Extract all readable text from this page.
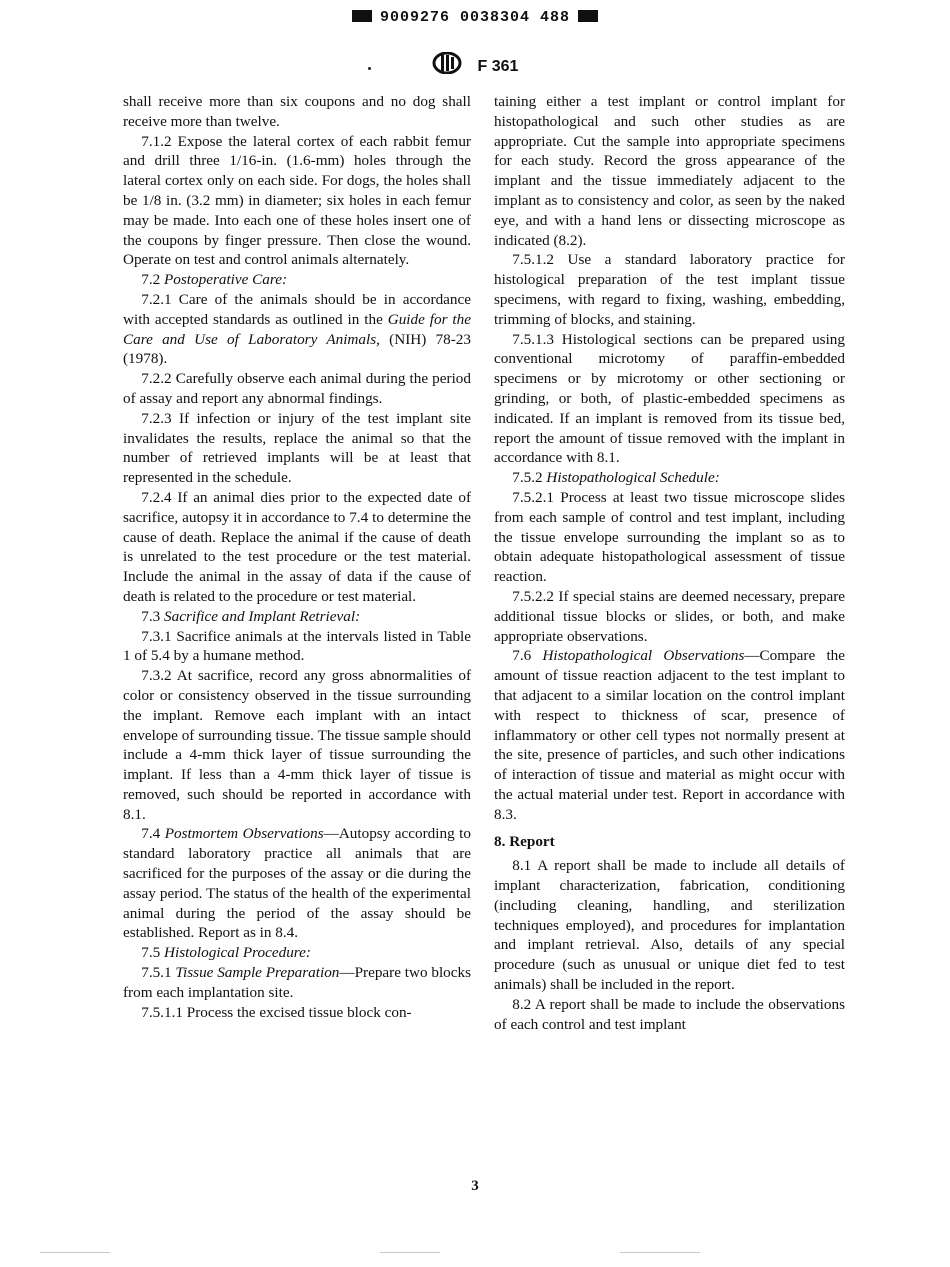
9009276 0038304 488
F 361

shall receive more than six coupons and no dog shall receive more than twelve.

7.1.2 Expose the lateral cortex of each rabbit femur and drill three 1/16-in. (1.6-mm) holes through the lateral cortex only on each side. For dogs, the holes shall be 1/8 in. (3.2 mm) in diameter; six holes in each femur may be made. Into each one of these holes insert one of the coupons by finger pressure. Then close the wound. Operate on test and control animals alternately.

7.2 Postoperative Care:

7.2.1 Care of the animals should be in accordance with accepted standards as outlined in the Guide for the Care and Use of Laboratory Animals, (NIH) 78-23 (1978).

7.2.2 Carefully observe each animal during the period of assay and report any abnormal findings.

7.2.3 If infection or injury of the test implant site invalidates the results, replace the animal so that the number of retrieved implants will be at least that represented in the schedule.

7.2.4 If an animal dies prior to the expected date of sacrifice, autopsy it in accordance to 7.4 to determine the cause of death. Replace the animal if the cause of death is unrelated to the test procedure or the test material. Include the animal in the assay of data if the cause of death is related to the procedure or test material.

7.3 Sacrifice and Implant Retrieval:

7.3.1 Sacrifice animals at the intervals listed in Table 1 of 5.4 by a humane method.

7.3.2 At sacrifice, record any gross abnormalities of color or consistency observed in the tissue surrounding the implant. Remove each implant with an intact envelope of surrounding tissue. The tissue sample should include a 4-mm thick layer of tissue surrounding the implant. If less than a 4-mm thick layer of tissue is removed, such should be reported in accordance with 8.1.

7.4 Postmortem Observations—Autopsy according to standard laboratory practice all animals that are sacrificed for the purposes of the assay or die during the assay period. The status of the health of the experimental animal during the period of the assay should be established. Report as in 8.4.

7.5 Histological Procedure:

7.5.1 Tissue Sample Preparation—Prepare two blocks from each implantation site.

7.5.1.1 Process the excised tissue block con-

taining either a test implant or control implant for histopathological and such other studies as are appropriate. Cut the sample into appropriate specimens for each study. Record the gross appearance of the implant and the tissue immediately adjacent to the implant as to consistency and color, as seen by the naked eye, and with a hand lens or dissecting microscope as indicated (8.2).

7.5.1.2 Use a standard laboratory practice for histological preparation of the test implant tissue specimens, with regard to fixing, washing, embedding, trimming of blocks, and staining.

7.5.1.3 Histological sections can be prepared using conventional microtomy of paraffin-embedded specimens or by microtomy or other sectioning or grinding, or both, of plastic-embedded specimens as indicated. If an implant is removed from its tissue bed, report the amount of tissue removed with the implant in accordance with 8.1.

7.5.2 Histopathological Schedule:

7.5.2.1 Process at least two tissue microscope slides from each sample of control and test implant, including the tissue envelope surrounding the implant so as to obtain adequate histopathological assessment of tissue reaction.

7.5.2.2 If special stains are deemed necessary, prepare additional tissue blocks or slides, or both, and make appropriate observations.

7.6 Histopathological Observations—Compare the amount of tissue reaction adjacent to the test implant to that adjacent to a similar location on the control implant with respect to thickness of scar, presence of inflammatory or other cell types not normally present at the site, presence of particles, and such other indications of interaction of tissue and material as might occur with the actual material under test. Report in accordance with 8.3.

8. Report

8.1 A report shall be made to include all details of implant characterization, fabrication, conditioning (including cleaning, handling, and sterilization techniques employed), and procedures for implantation and implant retrieval. Also, details of any special procedure (such as unusual or unique diet fed to test animals) shall be included in the report.

8.2 A report shall be made to include the observations of each control and test implant

3
